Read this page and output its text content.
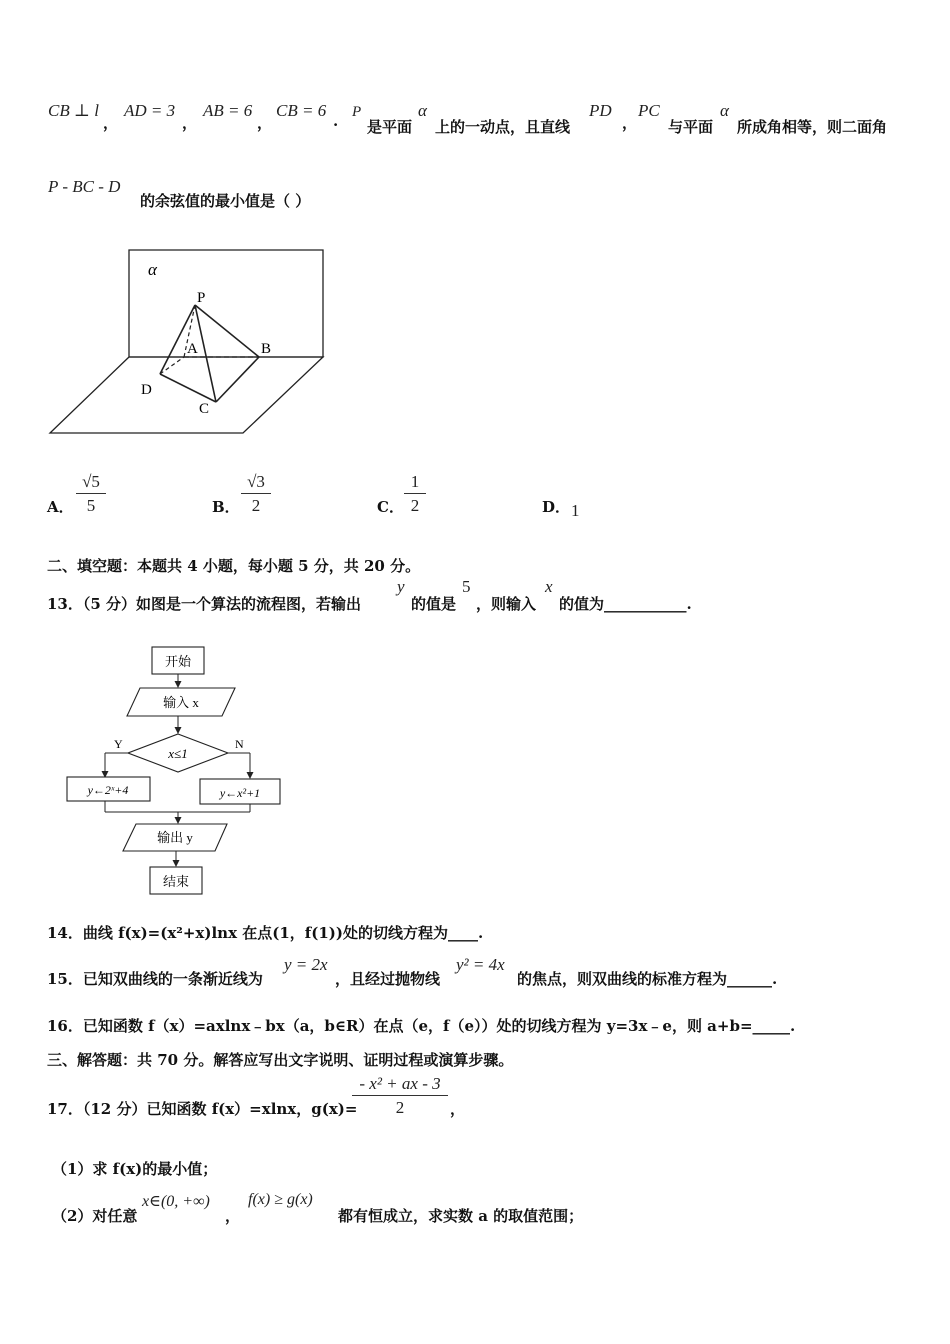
CB ⊥ l
，
AD = 3
，
AB = 6
，
CB = 6
. P
是平面
α
上的一动点，且直线
PD
，
PC
与平面
α
所成角相等，则二面角
P - BC - D
的余弦值的最小值是（ ）
α
P
A	B
C
D
A． $\frac{√5}{5}$	B． $\frac{√3}{2}$	C． $\frac{1}{2}$	D． 1
二、填空题：本题共 4 小题，每小题 5 分，共 20 分。
13．（5 分）如图是一个算法的流程图，若输出
y
的值是
5
，则输入
x
的值为___________.
开始
输入 x
x≤1
Y	N
y←2ˣ+4	y←x²+1
输出 y
结束
14．曲线 f(x)=(x²+x)lnx 在点(1，f(1))处的切线方程为____.
15．已知双曲线的一条渐近线为
y = 2x
，且经过抛物线
y² = 4x
的焦点，则双曲线的标准方程为______.
16．已知函数 f（x）=axlnx﹣bx（a，b∈R）在点（e，f（e））处的切线方程为 y=3x﹣e，则 a+b=_____.
三、解答题：共 70 分。解答应写出文字说明、证明过程或演算步骤。
17．（12 分）已知函数 f(x）=xlnx，g(x)=
$\frac{\text{- x² + ax - 3}}{2}$ ，
（1）求 f(x)的最小值；
（2）对任意
x∈(0, +∞)
，
f(x) ≥ g(x)
都有恒成立，求实数 a 的取值范围；
